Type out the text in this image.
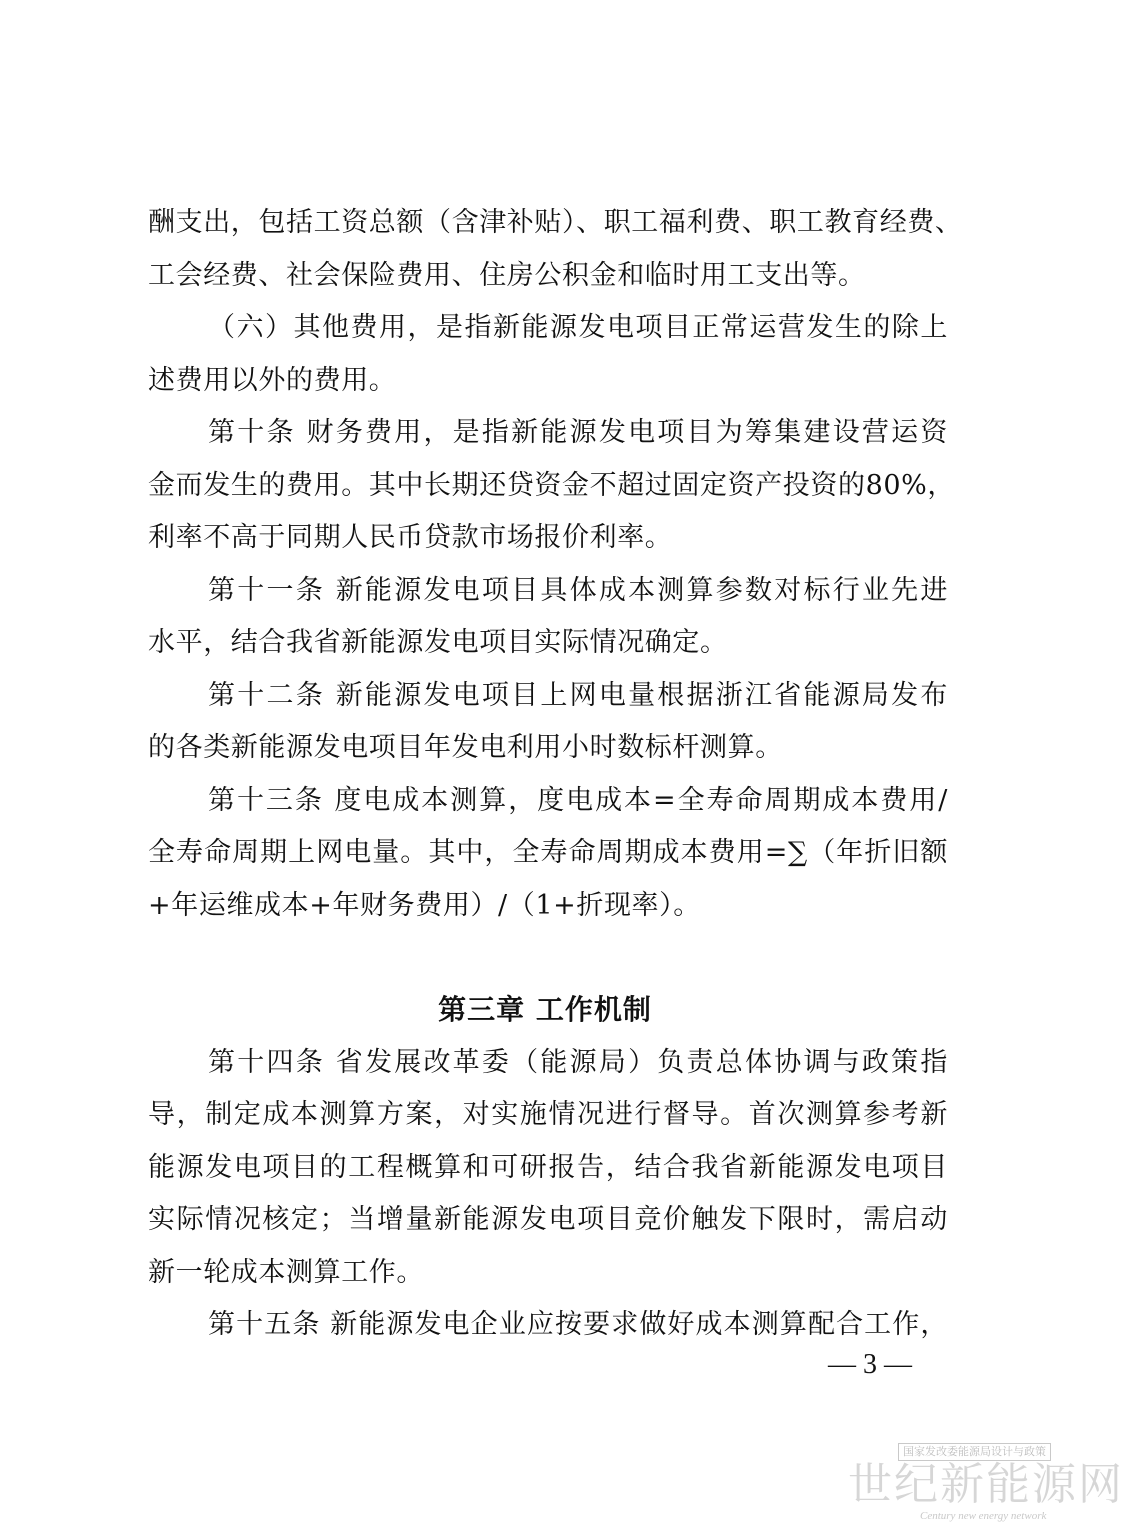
酬支出，包括工资总额（含津补贴）、职工福利费、职工教育经费、
工会经费、社会保险费用、住房公积金和临时用工支出等。
（六）其他费用，是指新能源发电项目正常运营发生的除上
述费用以外的费用。
第十条 财务费用，是指新能源发电项目为筹集建设营运资
金而发生的费用。其中长期还贷资金不超过固定资产投资的80%，
利率不高于同期人民币贷款市场报价利率。
第十一条 新能源发电项目具体成本测算参数对标行业先进
水平，结合我省新能源发电项目实际情况确定。
第十二条 新能源发电项目上网电量根据浙江省能源局发布
的各类新能源发电项目年发电利用小时数标杆测算。
第十三条 度电成本测算，度电成本=全寿命周期成本费用/
全寿命周期上网电量。其中，全寿命周期成本费用=∑（年折旧额
+年运维成本+年财务费用）/（1+折现率）。
第三章 工作机制
第十四条 省发展改革委（能源局）负责总体协调与政策指
导，制定成本测算方案，对实施情况进行督导。首次测算参考新
能源发电项目的工程概算和可研报告，结合我省新能源发电项目
实际情况核定；当增量新能源发电项目竞价触发下限时，需启动
新一轮成本测算工作。
第十五条 新能源发电企业应按要求做好成本测算配合工作，
— 3 —
国家发改委能源局设计与政策
世纪新能源网
Century new energy network
